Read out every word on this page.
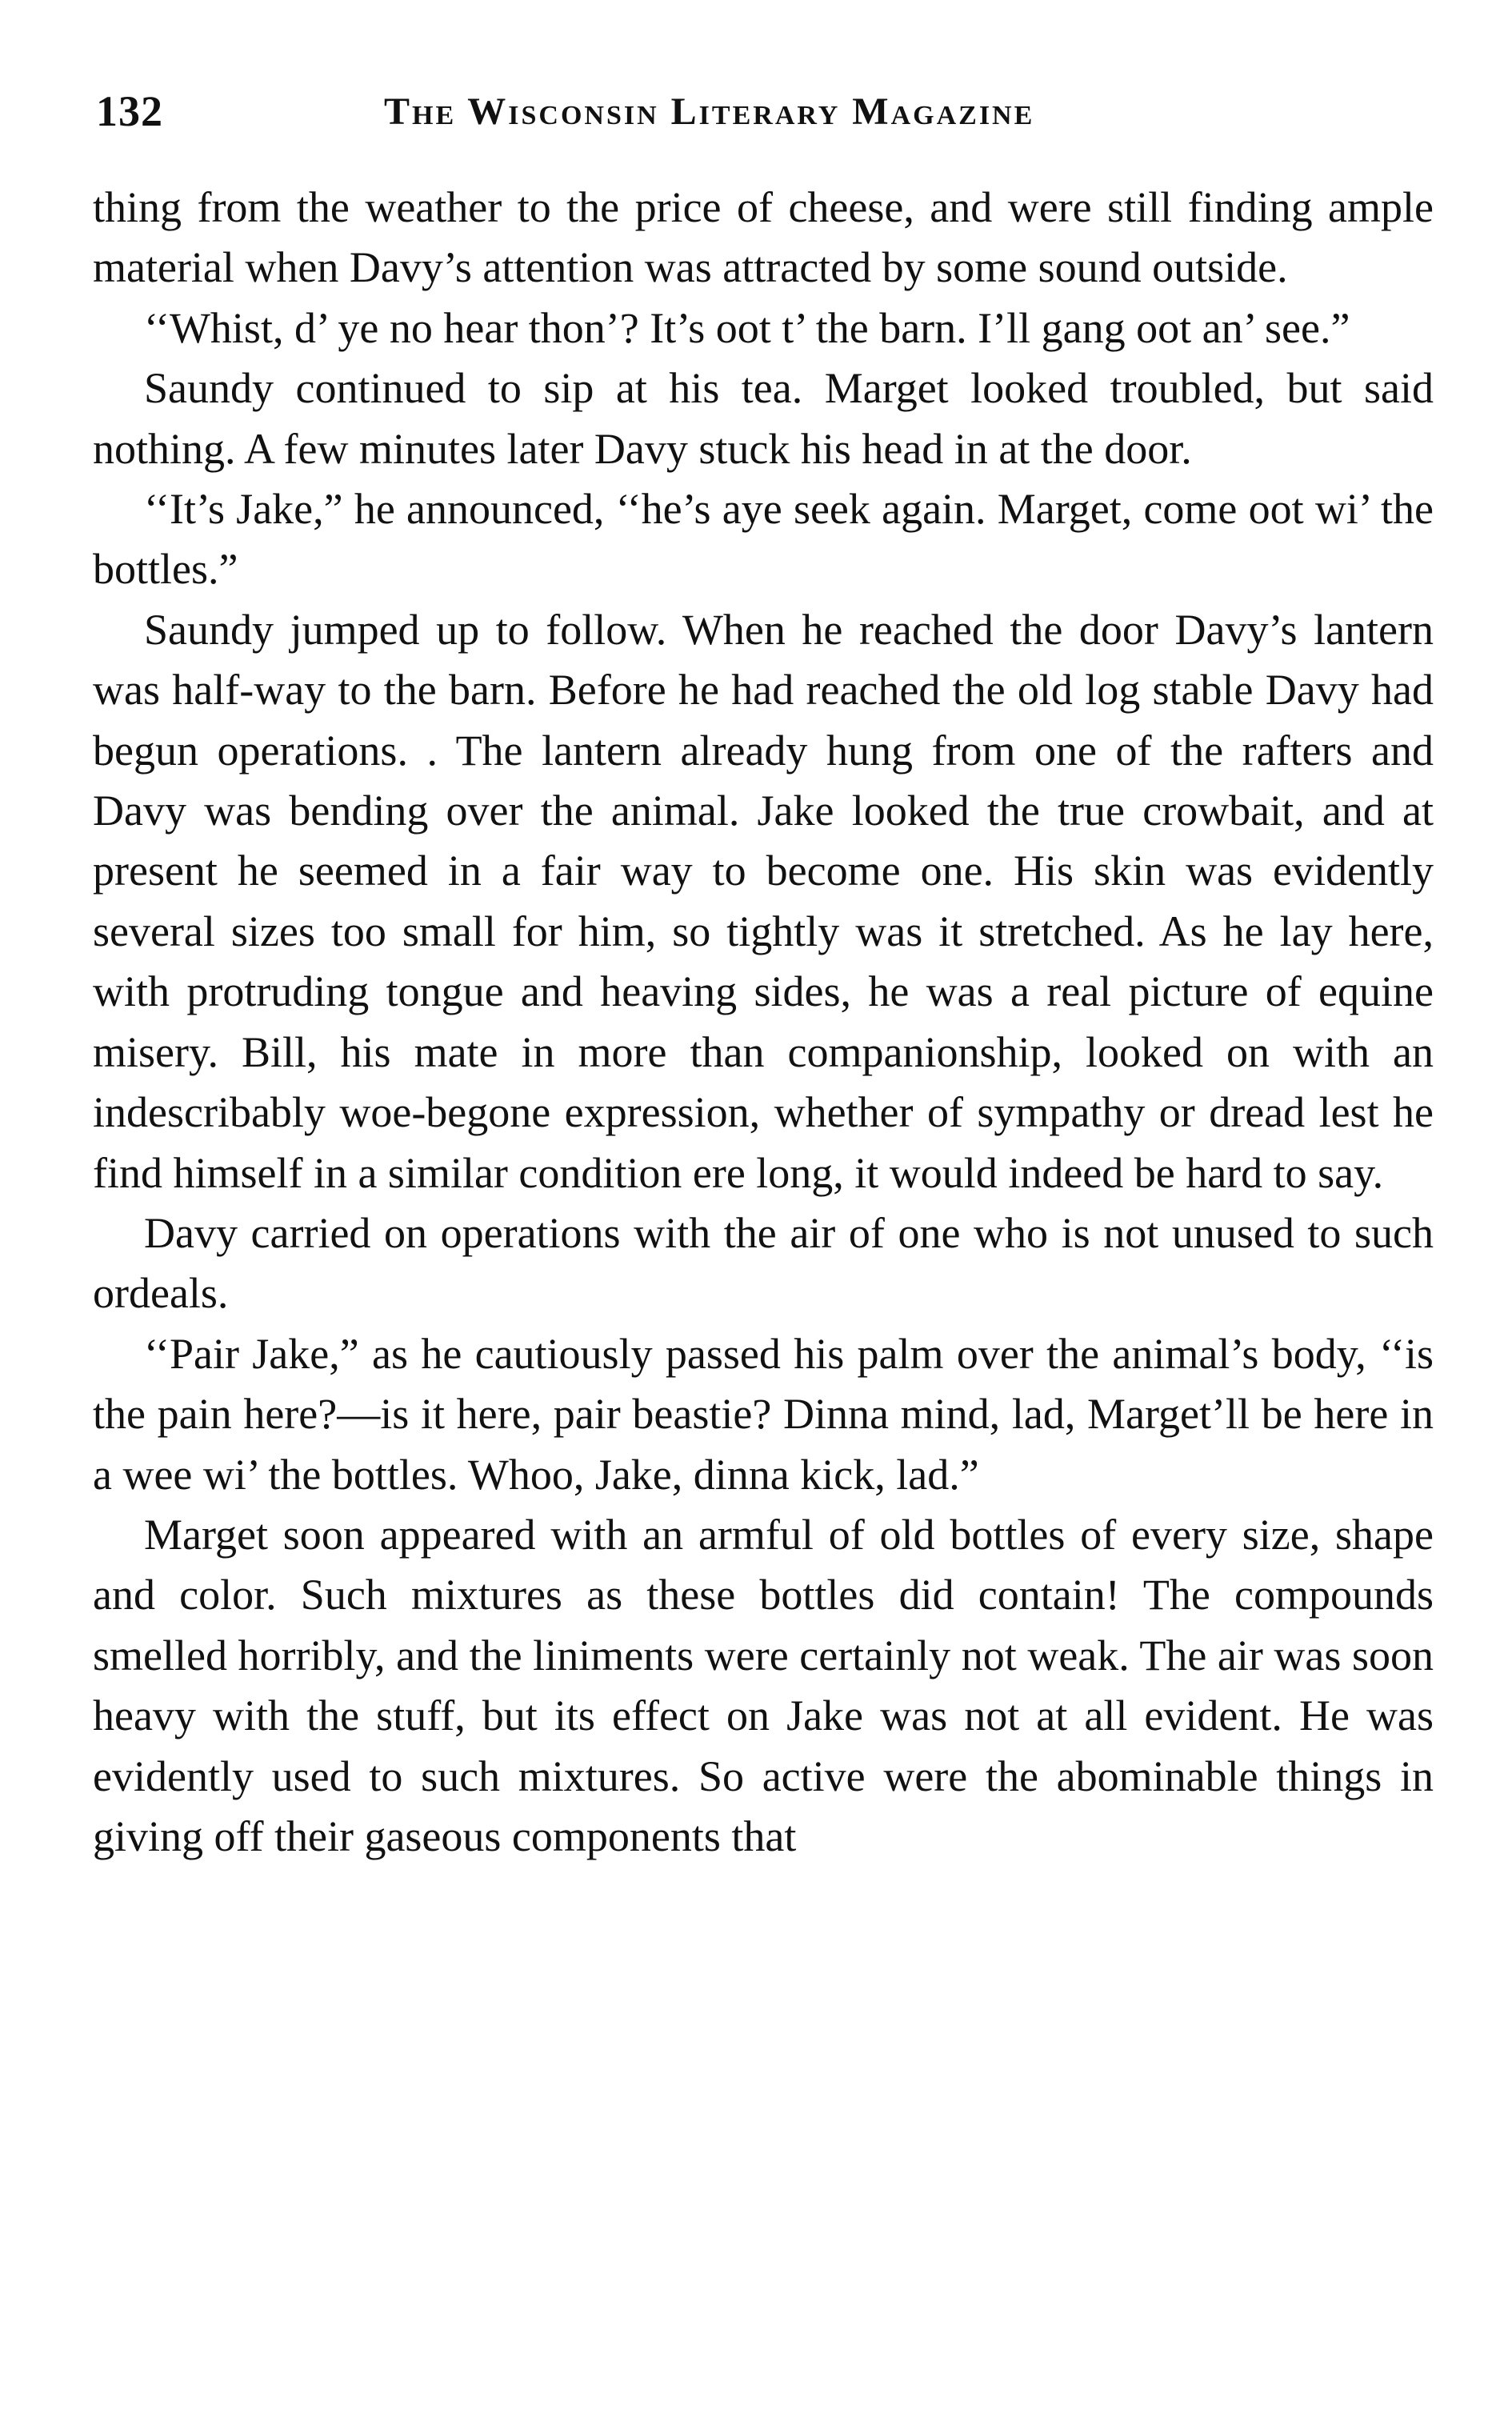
132	The Wisconsin Literary Magazine

thing from the weather to the price of cheese, and were still finding ample material when Davy’s attention was attracted by some sound outside.

‘‘Whist, d’ ye no hear thon’? It’s oot t’ the barn. I’ll gang oot an’ see.”

Saundy continued to sip at his tea. Marget looked troubled, but said nothing. A few minutes later Davy stuck his head in at the door.

‘‘It’s Jake,” he announced, ‘‘he’s aye seek again. Marget, come oot wi’ the bottles.”

Saundy jumped up to follow. When he reached the door Davy’s lantern was half-way to the barn. Before he had reached the old log stable Davy had begun operations. . The lantern already hung from one of the rafters and Davy was bending over the animal. Jake looked the true crowbait, and at present he seemed in a fair way to become one. His skin was evidently several sizes too small for him, so tightly was it stretched. As he lay here, with protruding tongue and heaving sides, he was a real picture of equine misery. Bill, his mate in more than companionship, looked on with an indescribably woe-begone expression, whether of sympathy or dread lest he find himself in a similar condition ere long, it would indeed be hard to say.

Davy carried on operations with the air of one who is not unused to such ordeals.

‘‘Pair Jake,” as he cautiously passed his palm over the animal’s body, ‘‘is the pain here?—is it here, pair beastie? Dinna mind, lad, Marget’ll be here in a wee wi’ the bottles. Whoo, Jake, dinna kick, lad.”

Marget soon appeared with an armful of old bottles of every size, shape and color. Such mixtures as these bottles did contain! The compounds smelled horribly, and the liniments were certainly not weak. The air was soon heavy with the stuff, but its effect on Jake was not at all evident. He was evidently used to such mixtures. So active were the abominable things in giving off their gaseous components that
